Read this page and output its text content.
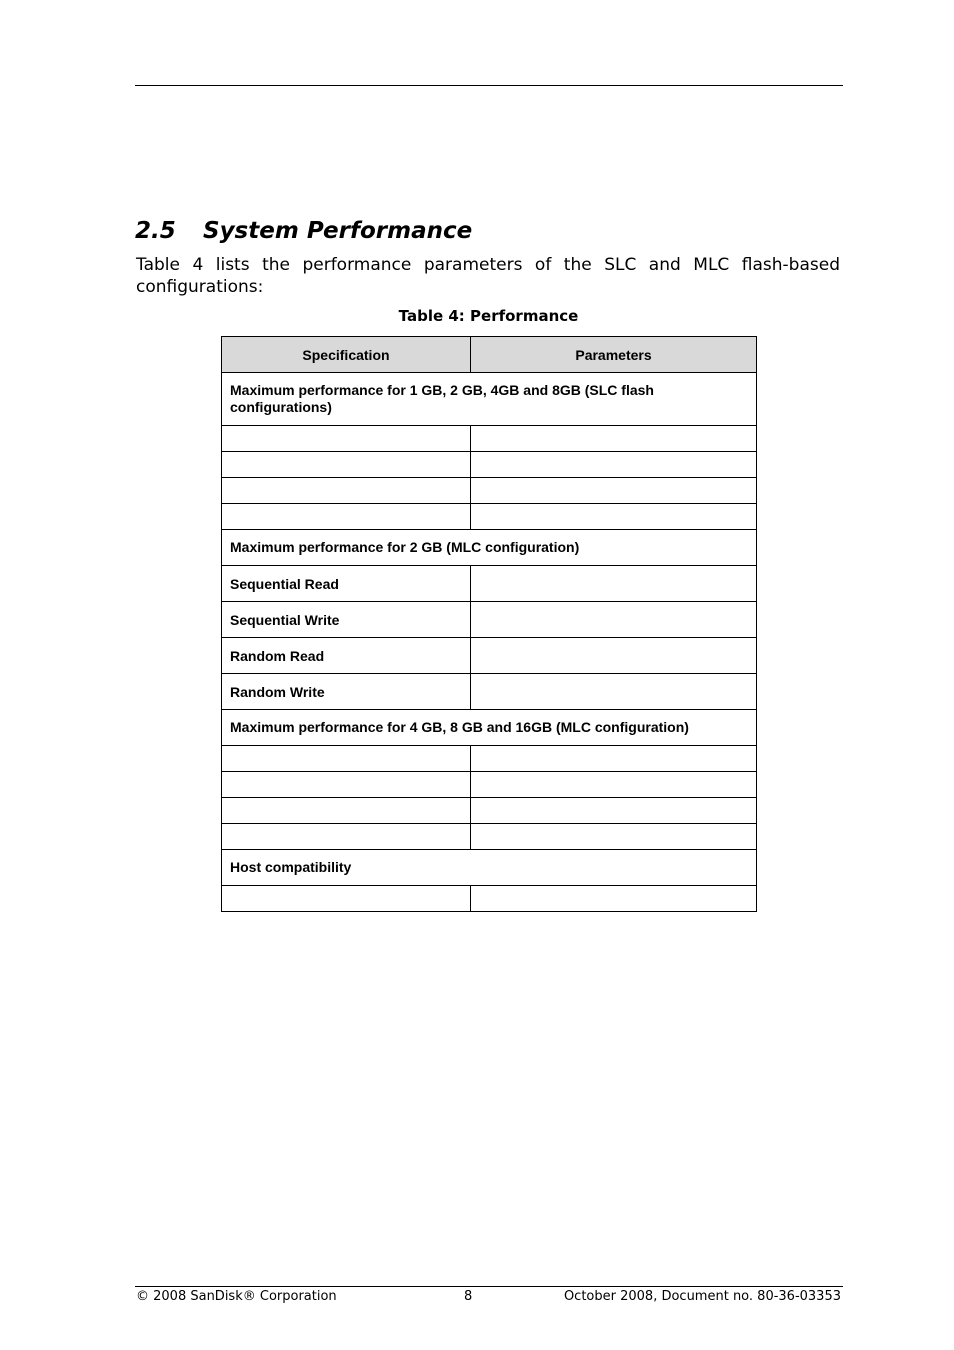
2.5 System Performance

Table 4 lists the performance parameters of the SLC and MLC flash-based configurations:

Table 4: Performance

Specification	Parameters
Maximum performance for 1 GB, 2 GB, 4GB and 8GB (SLC flash configurations)	

Maximum performance for 2 GB (MLC configuration)	
Sequential Read	
Sequential Write	
Random Read	
Random Write	
Maximum performance for 4 GB, 8 GB and 16GB (MLC configuration)	

Host compatibility	

© 2008 SanDisk® Corporation	8	October 2008, Document no. 80-36-03353
